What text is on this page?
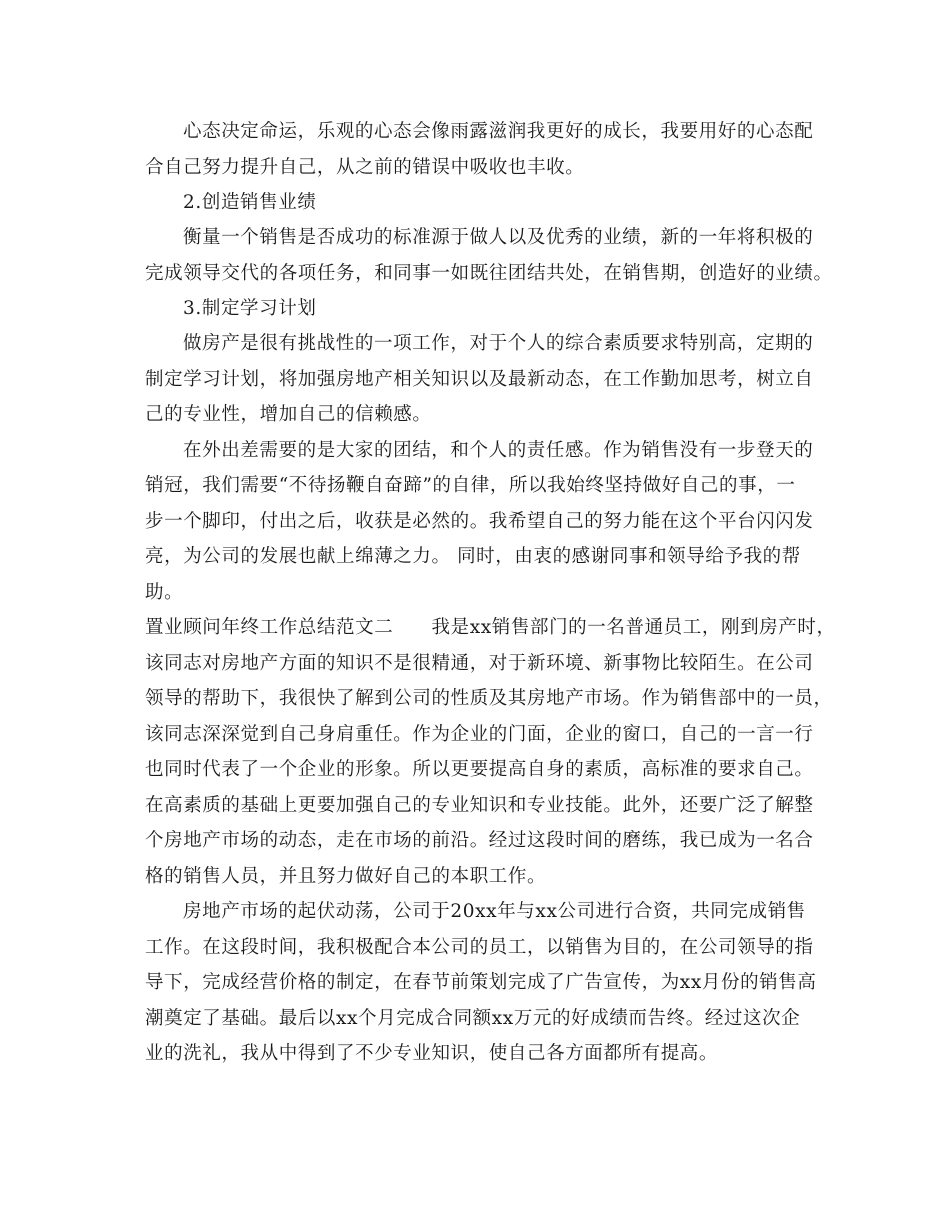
心态决定命运，乐观的心态会像雨露滋润我更好的成长，我要用好的心态配
合自己努力提升自己，从之前的错误中吸收也丰收。
2.创造销售业绩
衡量一个销售是否成功的标准源于做人以及优秀的业绩，新的一年将积极的
完成领导交代的各项任务，和同事一如既往团结共处，在销售期，创造好的业绩。
3.制定学习计划
做房产是很有挑战性的一项工作，对于个人的综合素质要求特别高，定期的
制定学习计划，将加强房地产相关知识以及最新动态，在工作勤加思考，树立自
己的专业性，增加自己的信赖感。
在外出差需要的是大家的团结，和个人的责任感。作为销售没有一步登天的
销冠，我们需要“不待扬鞭自奋蹄”的自律，所以我始终坚持做好自己的事，一
步一个脚印，付出之后，收获是必然的。我希望自己的努力能在这个平台闪闪发
亮，为公司的发展也献上绵薄之力。 同时，由衷的感谢同事和领导给予我的帮
助。
置业顾问年终工作总结范文二　　我是xx销售部门的一名普通员工，刚到房产时，
该同志对房地产方面的知识不是很精通，对于新环境、新事物比较陌生。在公司
领导的帮助下，我很快了解到公司的性质及其房地产市场。作为销售部中的一员，
该同志深深觉到自己身肩重任。作为企业的门面，企业的窗口，自己的一言一行
也同时代表了一个企业的形象。所以更要提高自身的素质，高标准的要求自己。
在高素质的基础上更要加强自己的专业知识和专业技能。此外，还要广泛了解整
个房地产市场的动态，走在市场的前沿。经过这段时间的磨练，我已成为一名合
格的销售人员，并且努力做好自己的本职工作。
房地产市场的起伏动荡，公司于20xx年与xx公司进行合资，共同完成销售
工作。在这段时间，我积极配合本公司的员工，以销售为目的，在公司领导的指
导下，完成经营价格的制定，在春节前策划完成了广告宣传，为xx月份的销售高
潮奠定了基础。最后以xx个月完成合同额xx万元的好成绩而告终。经过这次企
业的洗礼，我从中得到了不少专业知识，使自己各方面都所有提高。
